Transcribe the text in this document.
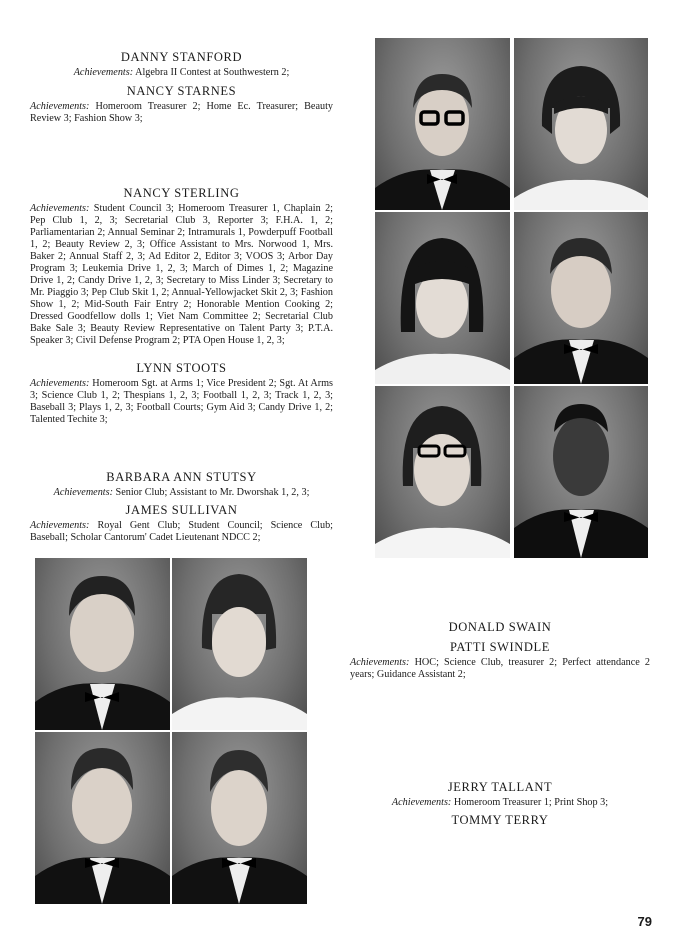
DANNY STANFORD

Achievements: Algebra II Contest at Southwestern 2;

NANCY STARNES

Achievements: Homeroom Treasurer 2; Home Ec. Treasurer; Beauty Review 3; Fashion Show 3;

NANCY STERLING

Achievements: Student Council 3; Homeroom Treasurer 1, Chaplain 2; Pep Club 1, 2, 3; Secretarial Club 3, Reporter 3; F.H.A. 1, 2; Parliamentarian 2; Annual Seminar 2; Intramurals 1, Powderpuff Football 1, 2; Beauty Review 2, 3; Office Assistant to Mrs. Norwood 1, Mrs. Baker 2; Annual Staff 2, 3; Ad Editor 2, Editor 3; VOOS 3; Arbor Day Program 3; Leukemia Drive 1, 2, 3; March of Dimes 1, 2; Magazine Drive 1, 2; Candy Drive 1, 2, 3; Secretary to Miss Linder 3; Secretary to Mr. Piaggio 3; Pep Club Skit 1, 2; Annual-Yellowjacket Skit 2, 3; Fashion Show 1, 2; Mid-South Fair Entry 2; Honorable Mention Cooking 2; Dressed Goodfellow dolls 1; Viet Nam Committee 2; Secretarial Club Bake Sale 3; Beauty Review Representative on Talent Party 3; P.T.A. Speaker 3; Civil Defense Program 2; PTA Open House 1, 2, 3;

LYNN STOOTS

Achievements: Homeroom Sgt. at Arms 1; Vice President 2; Sgt. At Arms 3; Science Club 1, 2; Thespians 1, 2, 3; Football 1, 2, 3; Track 1, 2, 3; Baseball 3; Plays 1, 2, 3; Football Courts; Gym Aid 3; Candy Drive 1, 2; Talented Techite 3;

BARBARA ANN STUTSY

Achievements: Senior Club; Assistant to Mr. Dworshak 1, 2, 3;

JAMES SULLIVAN

Achievements: Royal Gent Club; Student Council; Science Club; Baseball; Scholar Cantorum' Cadet Lieutenant NDCC 2;

DONALD SWAIN

PATTI SWINDLE

Achievements: HOC; Science Club, treasurer 2; Perfect attendance 2 years; Guidance Assistant 2;

JERRY TALLANT

Achievements: Homeroom Treasurer 1; Print Shop 3;

TOMMY TERRY

79
